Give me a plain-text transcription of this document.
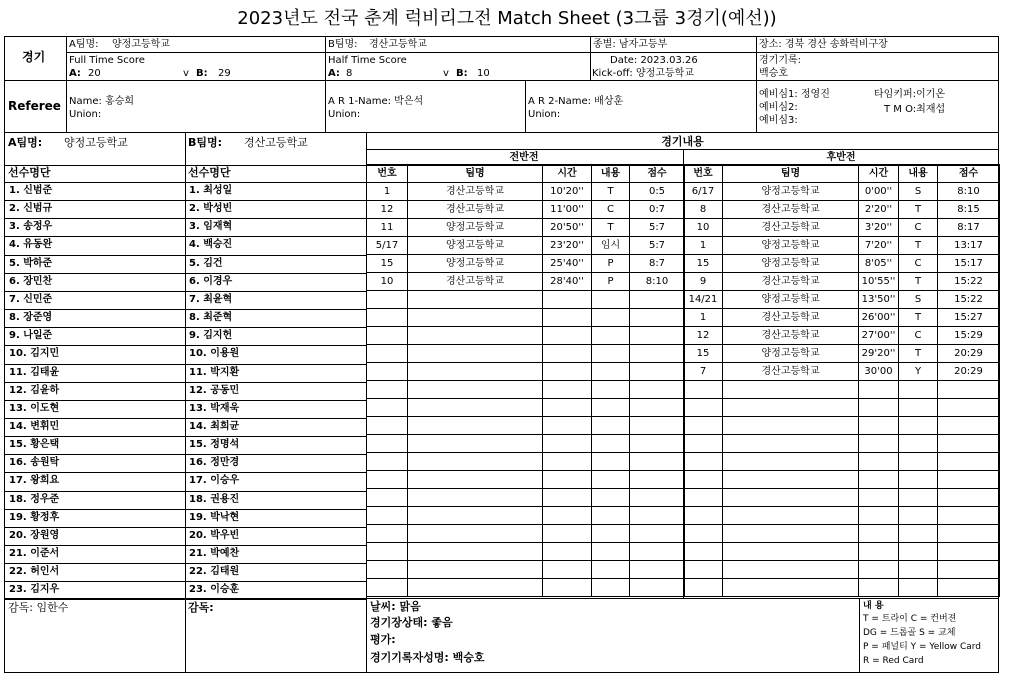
2023년도 전국 춘계 럭비리그전 Match Sheet (3그룹 3경기(예선))
경기
A팀명: 양정고등학교	B팀명: 경산고등학교	종별: 남자고등부	장소: 경북 경산 송화럭비구장
Full Time Score
A: 20	v B: 29
Half Time Score
A: 8	v B: 10
Date: 2023.03.26
Kick-off: 양정고등학교
경기기록:
백승호
Referee Name: 홍승희
Union:
A R 1-Name: 박은석
Union:
A R 2-Name: 배상훈
Union:
예비심1: 정영진
예비심2:
예비심3:
타임키퍼:이기온
T M O:최재섭
A팀명: 양정고등학교	B팀명: 경산고등학교	경기내용
전반전	후반전
선수명단	선수명단
1. 신범준
2. 신범규
3. 송정우
4. 유동완
5. 박하준
6. 장민찬
7. 신민준
8. 장준영
9. 나일준
10. 김지민
11. 김태윤
12. 김윤하
13. 이도현
14. 변휘민
15. 황은택
16. 송원탁
17. 왕희요
18. 정우준
19. 황정후
20. 장원영
21. 이준서
22. 허인서
23. 김지우
1. 최성일
2. 박성빈
3. 임재혁
4. 백승진
5. 김건
6. 이경우
7. 최윤혁
8. 최준혁
9. 김지헌
10. 이용원
11. 박지환
12. 공동민
13. 박재욱
14. 최희균
15. 정명석
16. 정만경
17. 이승우
18. 권용진
19. 박낙현
20. 박우빈
21. 박예찬
22. 김태원
23. 이승훈
번호	팀명	시간	내용	점수
1	경산고등학교	10'20''	T	0:5
12	경산고등학교	11'00''	C	0:7
11	양정고등학교	20'50''	T	5:7
5/17	양정고등학교	23'20''	임시	5:7
15	양정고등학교	25'40''	P	8:7
10	경산고등학교	28'40''	P	8:10

번호	팀명	시간	내용	점수
6/17	양정고등학교	0'00''	S	8:10
8	경산고등학교	2'20''	T	8:15
10	경산고등학교	3'20''	C	8:17
1	양정고등학교	7'20''	T	13:17
15	양정고등학교	8'05''	C	15:17
9	경산고등학교	10'55''	T	15:22
14/21	양정고등학교	13'50''	S	15:22
1	경산고등학교	26'00''	T	15:27
12	경산고등학교	27'00''	C	15:29
15	양정고등학교	29'20''	T	20:29
7	경산고등학교	30'00	Y	20:29

감독: 임한수	감독:	날씨: 맑음
경기장상태: 좋음
평가:
경기기록자성명: 백승호
내 용
T = 트라이 C = 컨버젼
DG = 드롭골 S = 교체
P = 패널티 Y = Yellow Card
R = Red Card
